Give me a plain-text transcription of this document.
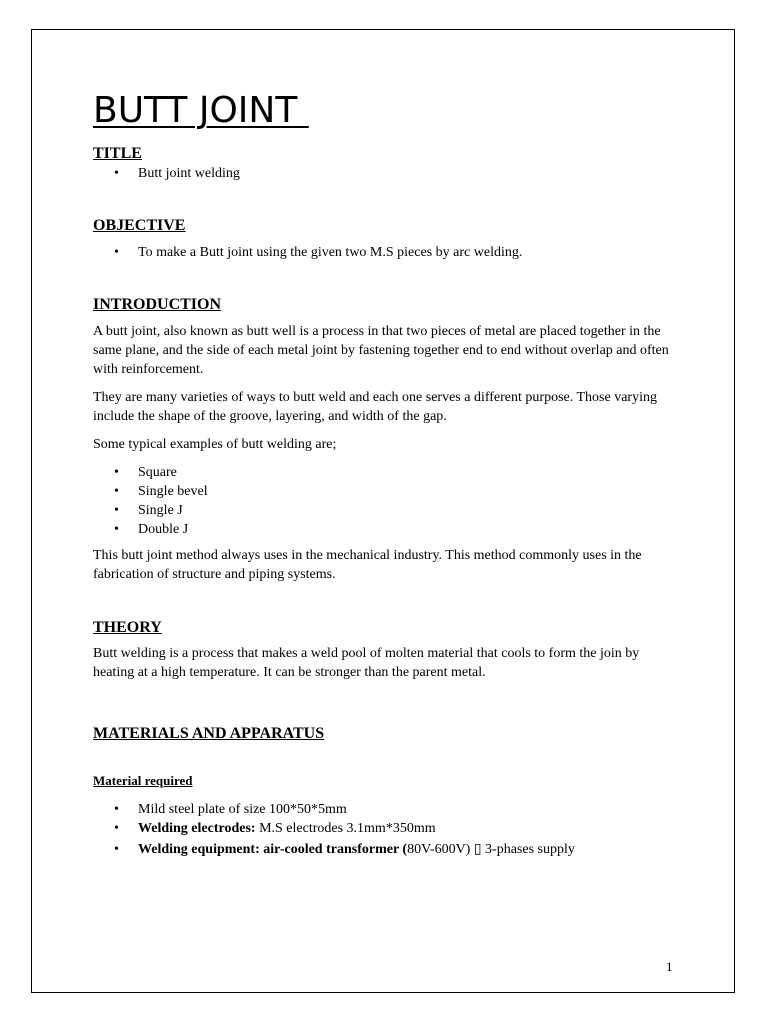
BUTT JOINT
TITLE
• Butt joint welding
OBJECTIVE
• To make a Butt joint using the given two M.S pieces by arc welding.
INTRODUCTION

A butt joint, also known as butt well is a process in that two pieces of metal are placed together in the same plane, and the side of each metal joint by fastening together end to end without overlap and often with reinforcement.

They are many varieties of ways to butt weld and each one serves a different purpose. Those varying include the shape of the groove, layering, and width of the gap.

Some typical examples of butt welding are;

• Square
• Single bevel
• Single J
• Double J

This butt joint method always uses in the mechanical industry. This method commonly uses in the fabrication of structure and piping systems.

THEORY

Butt welding is a process that makes a weld pool of molten material that cools to form the join by heating at a high temperature. It can be stronger than the parent metal.

MATERIALS AND APPARATUS
Material required
• Mild steel plate of size 100*50*5mm
• Welding electrodes: M.S electrodes 3.1mm*350mm
• Welding equipment: air-cooled transformer (80V-600V) ▯ 3-phases supply
1
